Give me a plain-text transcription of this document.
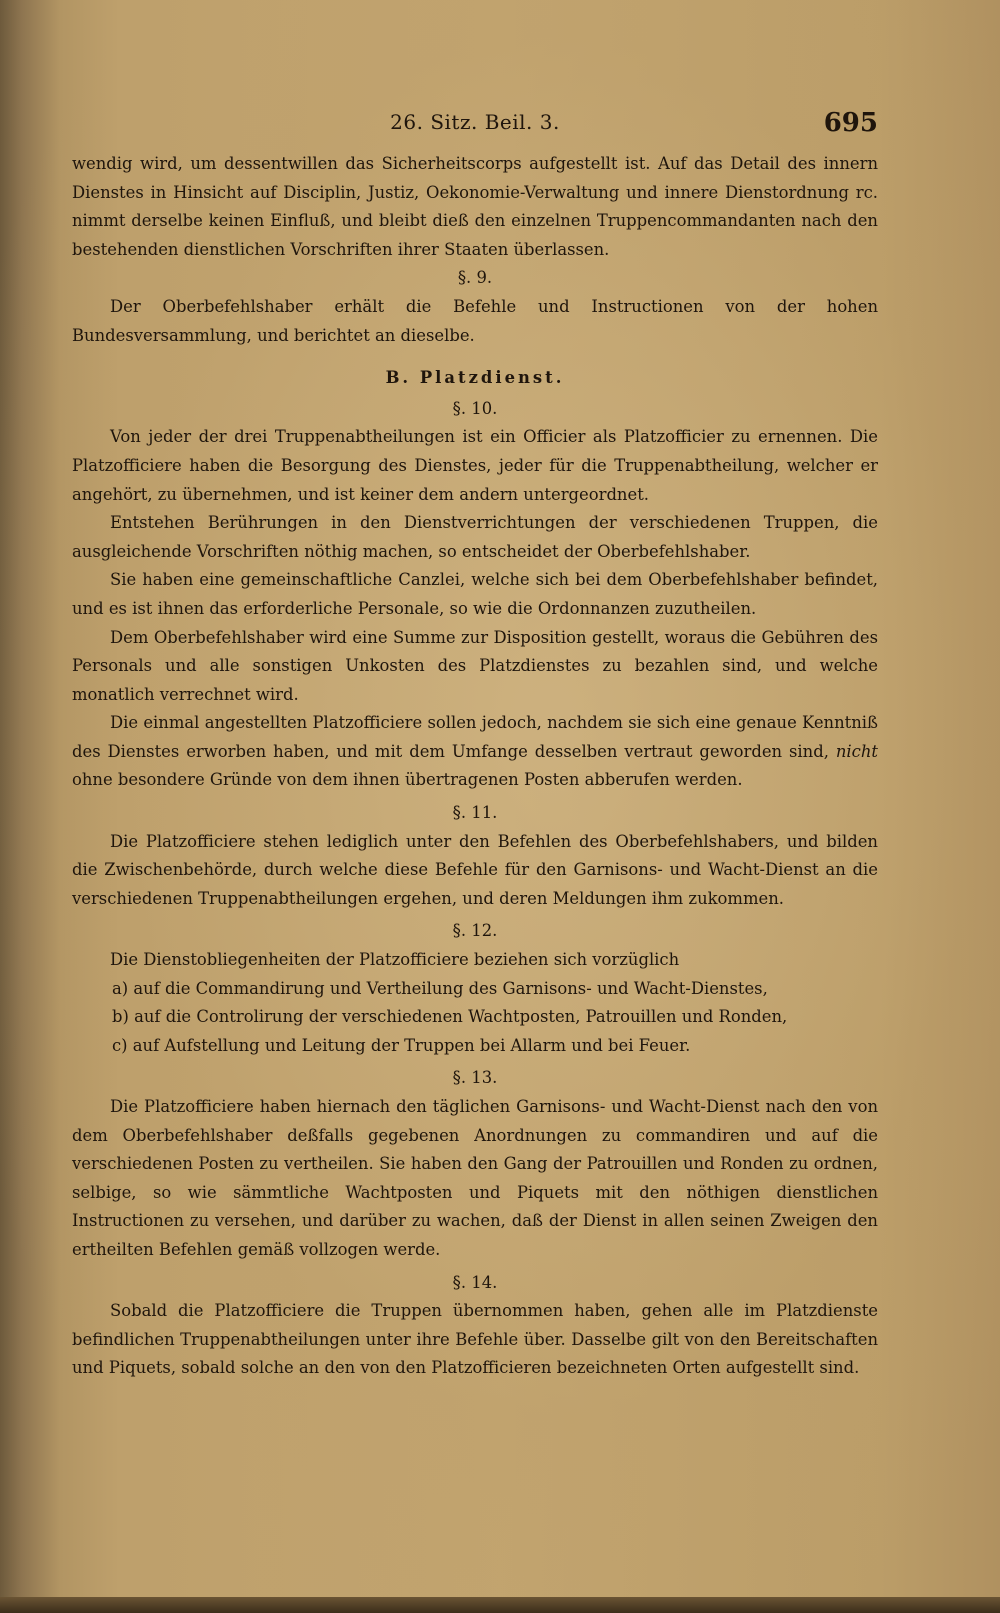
26. Sitz. Beil. 3.	695

wendig wird, um dessentwillen das Sicherheitscorps aufgestellt ist. Auf das Detail des innern Dienstes in Hinsicht auf Disciplin, Justiz, Oekonomie-Verwaltung und innere Dienstordnung rc. nimmt derselbe keinen Einfluß, und bleibt dieß den einzelnen Truppencommandanten nach den bestehenden dienstlichen Vorschriften ihrer Staaten überlassen.

§. 9.

Der Oberbefehlshaber erhält die Befehle und Instructionen von der hohen Bundesversammlung, und berichtet an dieselbe.

B. Platzdienst.
§. 10.

Von jeder der drei Truppenabtheilungen ist ein Officier als Platzofficier zu ernennen. Die Platzofficiere haben die Besorgung des Dienstes, jeder für die Truppenabtheilung, welcher er angehört, zu übernehmen, und ist keiner dem andern untergeordnet.

Entstehen Berührungen in den Dienstverrichtungen der verschiedenen Truppen, die ausgleichende Vorschriften nöthig machen, so entscheidet der Oberbefehlshaber.

Sie haben eine gemeinschaftliche Canzlei, welche sich bei dem Oberbefehlshaber befindet, und es ist ihnen das erforderliche Personale, so wie die Ordonnanzen zuzutheilen.

Dem Oberbefehlshaber wird eine Summe zur Disposition gestellt, woraus die Gebühren des Personals und alle sonstigen Unkosten des Platzdienstes zu bezahlen sind, und welche monatlich verrechnet wird.

Die einmal angestellten Platzofficiere sollen jedoch, nachdem sie sich eine genaue Kenntniß des Dienstes erworben haben, und mit dem Umfange desselben vertraut geworden sind, nicht ohne besondere Gründe von dem ihnen übertragenen Posten abberufen werden.

§. 11.

Die Platzofficiere stehen lediglich unter den Befehlen des Oberbefehlshabers, und bilden die Zwischenbehörde, durch welche diese Befehle für den Garnisons- und Wacht-Dienst an die verschiedenen Truppenabtheilungen ergehen, und deren Meldungen ihm zukommen.

§. 12.

Die Dienstobliegenheiten der Platzofficiere beziehen sich vorzüglich

a) auf die Commandirung und Vertheilung des Garnisons- und Wacht-Dienstes,

b) auf die Controlirung der verschiedenen Wachtposten, Patrouillen und Ronden,

c) auf Aufstellung und Leitung der Truppen bei Allarm und bei Feuer.

§. 13.

Die Platzofficiere haben hiernach den täglichen Garnisons- und Wacht-Dienst nach den von dem Oberbefehlshaber deßfalls gegebenen Anordnungen zu commandiren und auf die verschiedenen Posten zu vertheilen. Sie haben den Gang der Patrouillen und Ronden zu ordnen, selbige, so wie sämmtliche Wachtposten und Piquets mit den nöthigen dienstlichen Instructionen zu versehen, und darüber zu wachen, daß der Dienst in allen seinen Zweigen den ertheilten Befehlen gemäß vollzogen werde.

§. 14.

Sobald die Platzofficiere die Truppen übernommen haben, gehen alle im Platzdienste befindlichen Truppenabtheilungen unter ihre Befehle über. Dasselbe gilt von den Bereitschaften und Piquets, sobald solche an den von den Platzofficieren bezeichneten Orten aufgestellt sind.
